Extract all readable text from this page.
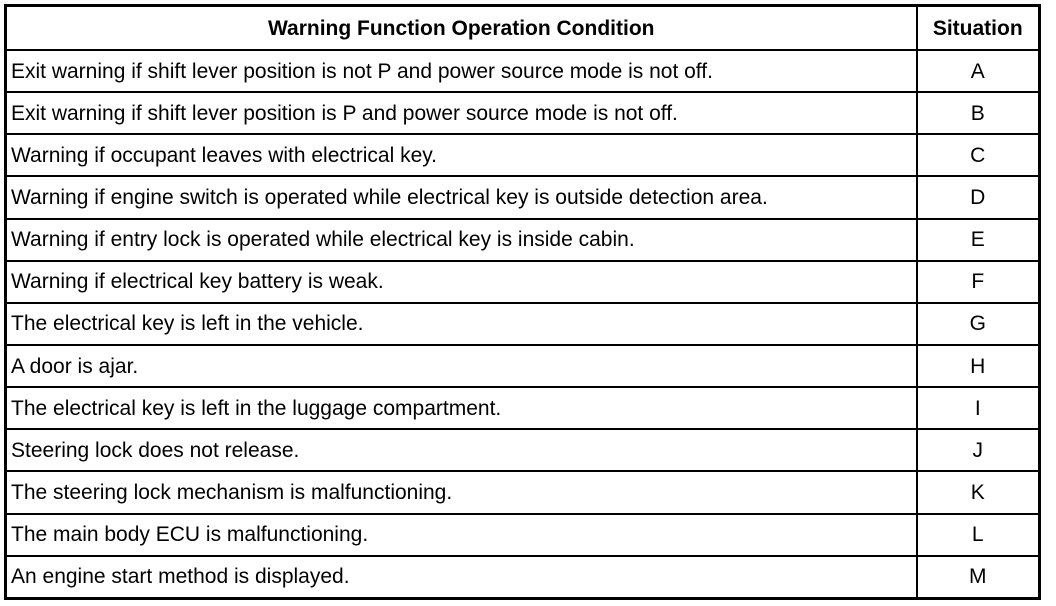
Warning Function Operation Condition	Situation
Exit warning if shift lever position is not P and power source mode is not off.	A
Exit warning if shift lever position is P and power source mode is not off.	B
Warning if occupant leaves with electrical key.	C
Warning if engine switch is operated while electrical key is outside detection area.	D
Warning if entry lock is operated while electrical key is inside cabin.	E
Warning if electrical key battery is weak.	F
The electrical key is left in the vehicle.	G
A door is ajar.	H
The electrical key is left in the luggage compartment.	I
Steering lock does not release.	J
The steering lock mechanism is malfunctioning.	K
The main body ECU is malfunctioning.	L
An engine start method is displayed.	M
